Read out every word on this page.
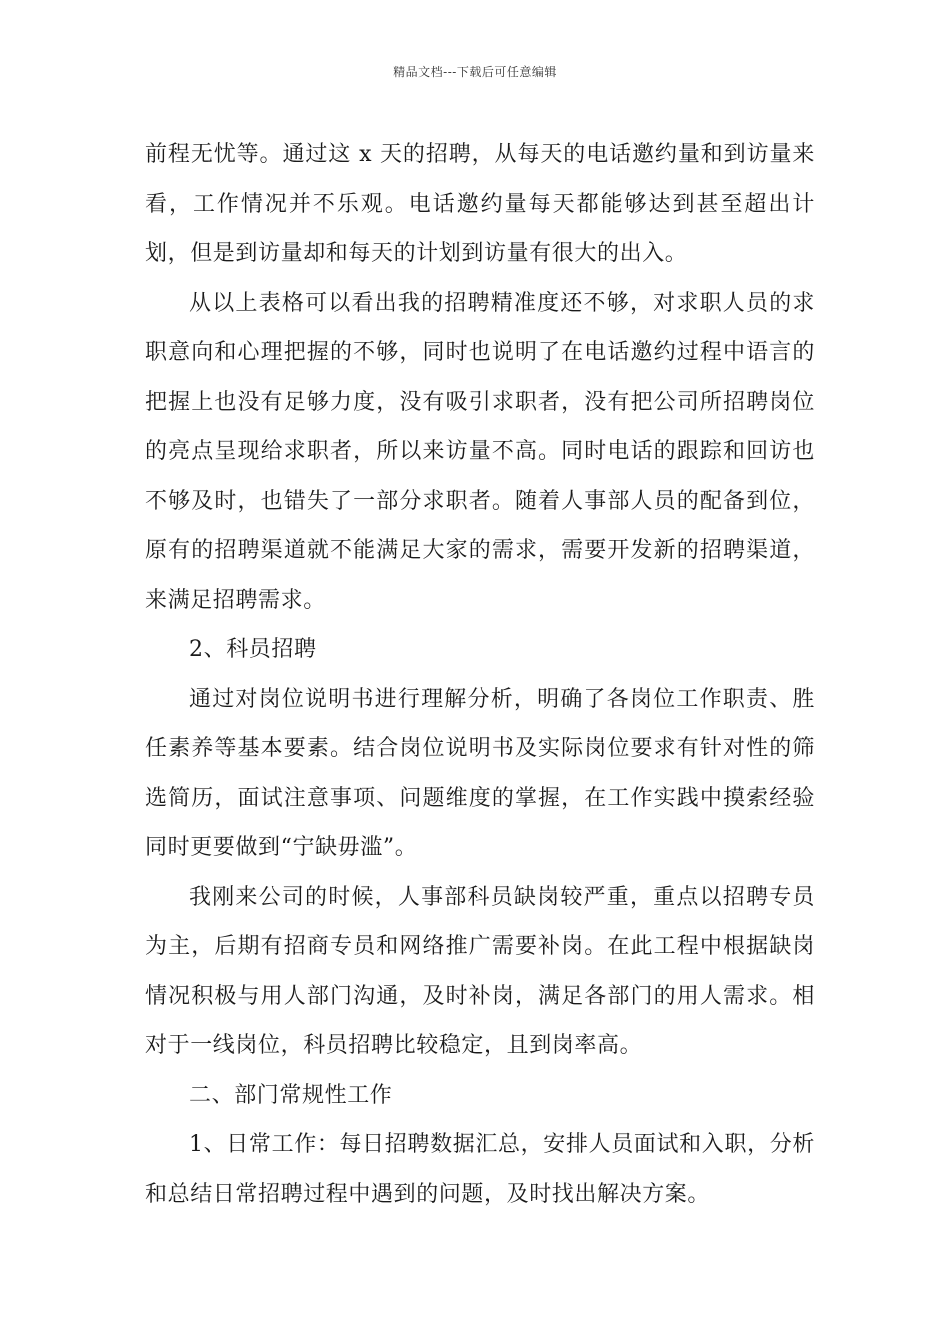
精品文档---下载后可任意编辑

前程无忧等。通过这 x 天的招聘，从每天的电话邀约量和到访量来看，工作情况并不乐观。电话邀约量每天都能够达到甚至超出计划，但是到访量却和每天的计划到访量有很大的出入。

从以上表格可以看出我的招聘精准度还不够，对求职人员的求职意向和心理把握的不够，同时也说明了在电话邀约过程中语言的把握上也没有足够力度，没有吸引求职者，没有把公司所招聘岗位的亮点呈现给求职者，所以来访量不高。同时电话的跟踪和回访也不够及时，也错失了一部分求职者。随着人事部人员的配备到位，原有的招聘渠道就不能满足大家的需求，需要开发新的招聘渠道，来满足招聘需求。

2、科员招聘

通过对岗位说明书进行理解分析，明确了各岗位工作职责、胜任素养等基本要素。结合岗位说明书及实际岗位要求有针对性的筛选简历，面试注意事项、问题维度的掌握，在工作实践中摸索经验同时更要做到“宁缺毋滥”。

我刚来公司的时候，人事部科员缺岗较严重，重点以招聘专员为主，后期有招商专员和网络推广需要补岗。在此工程中根据缺岗情况积极与用人部门沟通，及时补岗，满足各部门的用人需求。相对于一线岗位，科员招聘比较稳定，且到岗率高。

二、部门常规性工作

1、日常工作：每日招聘数据汇总，安排人员面试和入职，分析和总结日常招聘过程中遇到的问题，及时找出解决方案。
